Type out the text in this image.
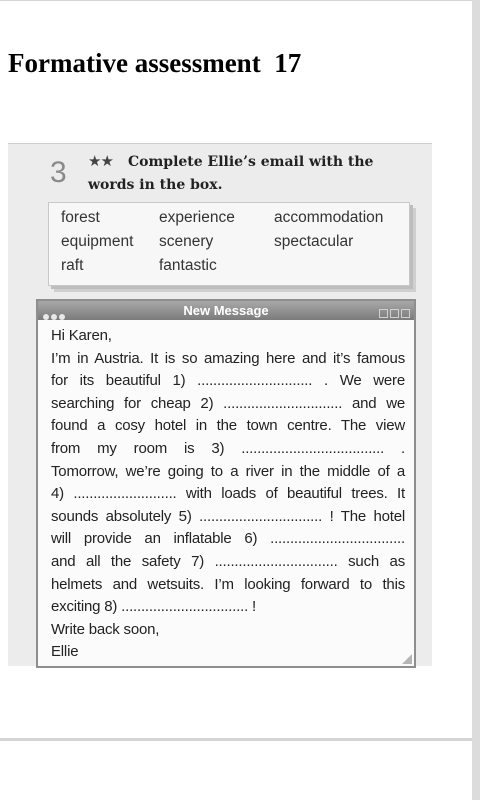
Formative assessment  17
3	Complete Ellie’s email with the words in the box.
★★
forest	experience	accommodation
equipment scenery	spectacular
raft	fantastic
New Message
Hi Karen,
I’m in Austria. It is so amazing here and it’s famous
for its beautiful 1) ............................. . We were
searching for cheap 2) .............................. and we
found a cosy hotel in the town centre. The view
from my room is 3) .................................... .
Tomorrow, we’re going to a river in the middle of a
4) .......................... with loads of beautiful trees. It
sounds absolutely 5) ............................... ! The hotel
will provide an inflatable 6) ..................................
and all the safety 7) ............................... such as
helmets and wetsuits. I’m looking forward to this
exciting 8) ................................ !
Write back soon,
Ellie
